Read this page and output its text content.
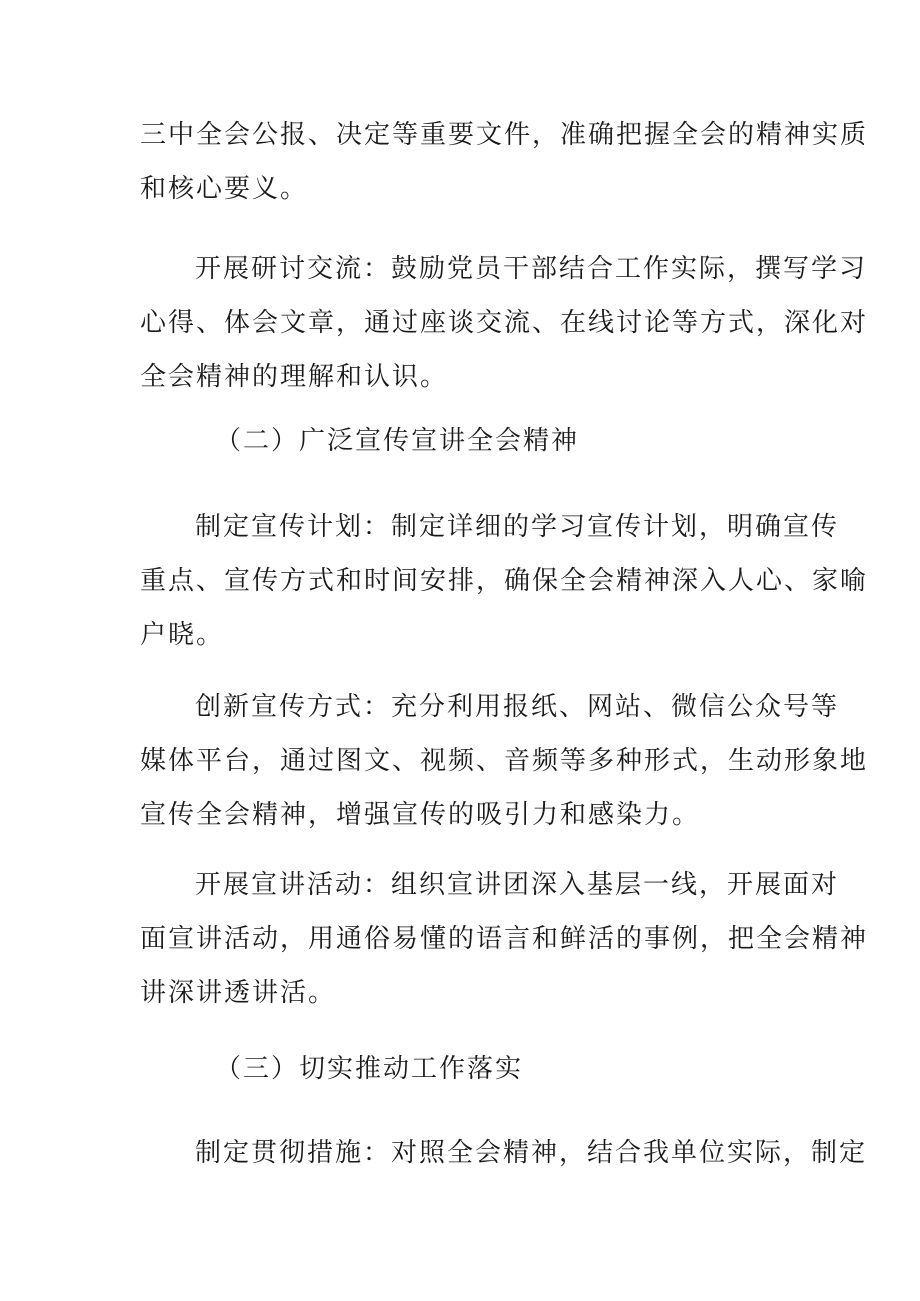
三中全会公报、决定等重要文件，准确把握全会的精神实质
和核心要义。
开展研讨交流：鼓励党员干部结合工作实际，撰写学习
心得、体会文章，通过座谈交流、在线讨论等方式，深化对
全会精神的理解和认识。
（二）广泛宣传宣讲全会精神
制定宣传计划：制定详细的学习宣传计划，明确宣传
重点、宣传方式和时间安排，确保全会精神深入人心、家喻
户晓。
创新宣传方式：充分利用报纸、网站、微信公众号等
媒体平台，通过图文、视频、音频等多种形式，生动形象地
宣传全会精神，增强宣传的吸引力和感染力。
开展宣讲活动：组织宣讲团深入基层一线，开展面对
面宣讲活动，用通俗易懂的语言和鲜活的事例，把全会精神
讲深讲透讲活。
（三）切实推动工作落实
制定贯彻措施：对照全会精神，结合我单位实际，制定
